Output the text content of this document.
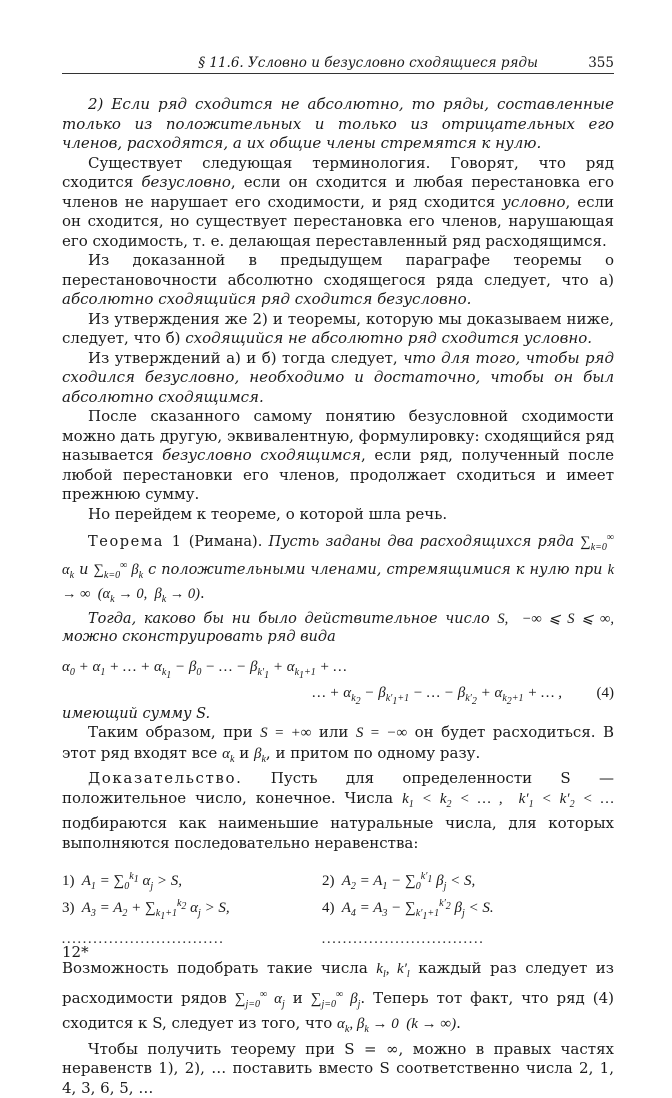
§ 11.6. Условно и безусловно сходящиеся ряды	355

2) Если ряд сходится не абсолютно, то ряды, составленные только из положительных и только из отрицательных его членов, расходятся, а их общие члены стремятся к нулю.

Существует следующая терминология. Говорят, что ряд сходится безусловно, если он сходится и любая перестановка его членов не нарушает его сходимости, и ряд сходится условно, если он сходится, но существует перестановка его членов, нарушающая его сходимость, т. е. делающая переставленный ряд расходящимся.

Из доказанной в предыдущем параграфе теоремы о перестановочности абсолютно сходящегося ряда следует, что а) абсолютно сходящийся ряд сходится безусловно.

Из утверждения же 2) и теоремы, которую мы доказываем ниже, следует, что б) сходящийся не абсолютно ряд сходится условно.

Из утверждений а) и б) тогда следует, что для того, чтобы ряд сходился безусловно, необходимо и достаточно, чтобы он был абсолютно сходящимся.

После сказанного самому понятию безусловной сходимости можно дать другую, эквивалентную, формулировку: сходящийся ряд называется безусловно сходящимся, если ряд, полученный после любой перестановки его членов, продолжает сходиться и имеет прежнюю сумму.

Но перейдем к теореме, о которой шла речь.

Теорема 1 (Римана). Пусть заданы два расходящихся ряда $\sum_{k=0}^\infty$ $\alpha_k$ и $\sum_{k=0}^\infty$ $\beta_k$ с положительными членами, стремящимися к нулю при k → ∞  ($\alpha_k \to 0$,  $\beta_k \to 0$).

Тогда, каково бы ни было действительное число S,  −∞ ⩽ S ⩽ ∞, можно сконструировать ряд вида

$\alpha_0 + \alpha_1$ + … + $\alpha_{k_1} - \beta_0$ − … − $\beta_{k'_1} + \alpha_{k_1+1}$ + …
… + $\alpha_{k_2} - \beta_{k'_1+1}$ − … − $\beta_{k'_2} + \alpha_{k_2+1}$ + … , (4)

имеющий сумму S.

Таким образом, при S = +∞ или S = −∞ он будет расходиться. В этот ряд входят все $\alpha_k$ и $\beta_k$, и притом по одному разу.

Доказательство. Пусть для определенности S — положительное число, конечное. Числа $k_1 < k_2$ < … ,  $k'_1 < k'_2$ < … подбираются как наименьшие натуральные числа, для которых выполняются последовательно неравенства:

1)  $A_1 = \sum_0^{k_1}$ $\alpha_j > S$,	2)  $A_2 = A_1 - \sum_0^{k'_1}$ $\beta_j < S$,
3)  $A_3 = A_2 + \sum_{k_1+1}^{k_2}$ $\alpha_j > S$,	4)  $A_4 = A_3 - \sum_{k'_1+1}^{k'_2}$ $\beta_j < S$.
...............................	...............................

Возможность подобрать такие числа $k_l$, $k'_l$ каждый раз следует из расходимости рядов $\sum_{j=0}^\infty$ $\alpha_j$ и $\sum_{j=0}^\infty$ $\beta_j$. Теперь тот факт, что ряд (4) сходится к S, следует из того, что $\alpha_k$, $\beta_k \to 0$  (k → ∞).

Чтобы получить теорему при S = ∞, можно в правых частях неравенств 1), 2), … поставить вместо S соответственно числа 2, 1, 4, 3, 6, 5, …

12*
